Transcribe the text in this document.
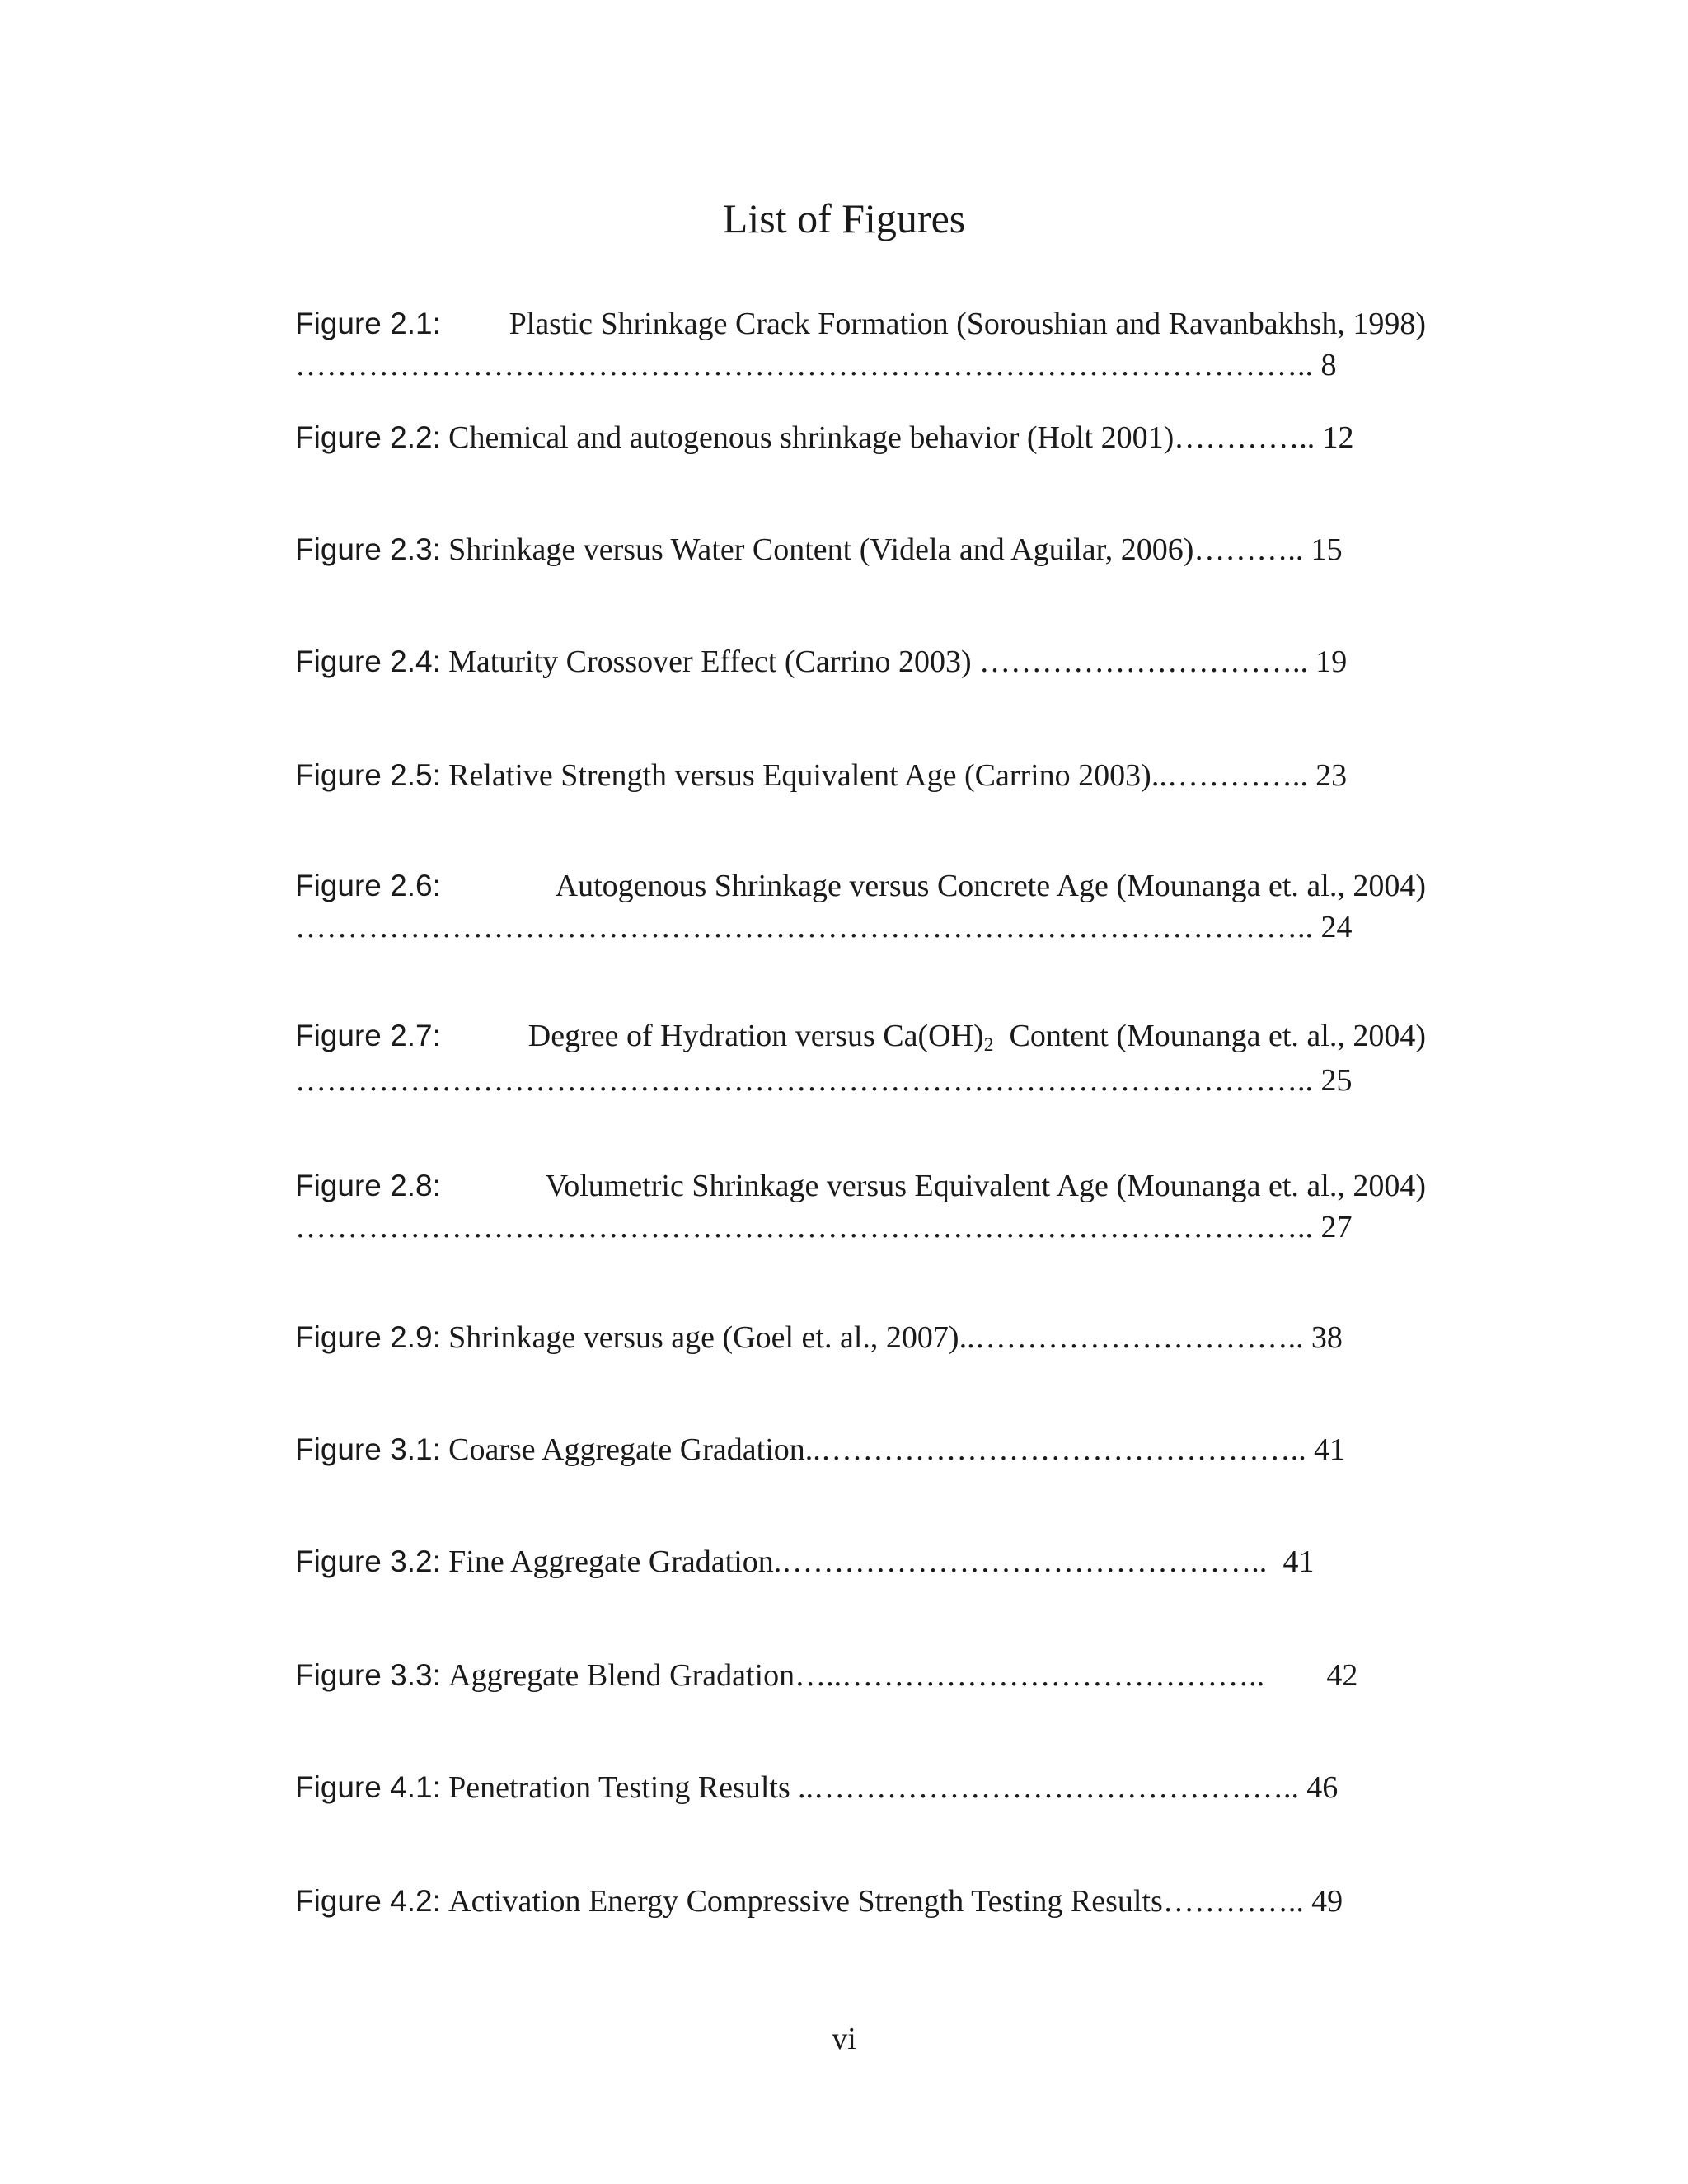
List of Figures
Figure 2.1: Plastic Shrinkage Crack Formation (Soroushian and Ravanbakhsh, 1998)
…………………………………………………………………………………….. 8
Figure 2.2: Chemical and autogenous shrinkage behavior (Holt 2001)………….. 12
Figure 2.3: Shrinkage versus Water Content (Videla and Aguilar, 2006)……….. 15
Figure 2.4: Maturity Crossover Effect (Carrino 2003) ………………………….. 19
Figure 2.5: Relative Strength versus Equivalent Age (Carrino 2003)..………….. 23
Figure 2.6:	Autogenous Shrinkage versus Concrete Age (Mounanga et. al., 2004)
…………………………………………………………………………………….. 24
Figure 2.7:	Degree of Hydration versus $Ca(OH)_2$ Content (Mounanga et. al., 2004)
…………………………………………………………………………………….. 25
Figure 2.8:	Volumetric Shrinkage versus Equivalent Age (Mounanga et. al., 2004)
…………………………………………………………………………………….. 27
Figure 2.9: Shrinkage versus age (Goel et. al., 2007)..………………………….. 38
Figure 3.1: Coarse Aggregate Gradation..……………………………………….. 41
Figure 3.2: Fine Aggregate Gradation.……………………………………….. 41
Figure 3.3: Aggregate Blend Gradation…..………………………………….. 42
Figure 4.1: Penetration Testing Results ..……………………………………….. 46
Figure 4.2: Activation Energy Compressive Strength Testing Results………….. 49
vi
